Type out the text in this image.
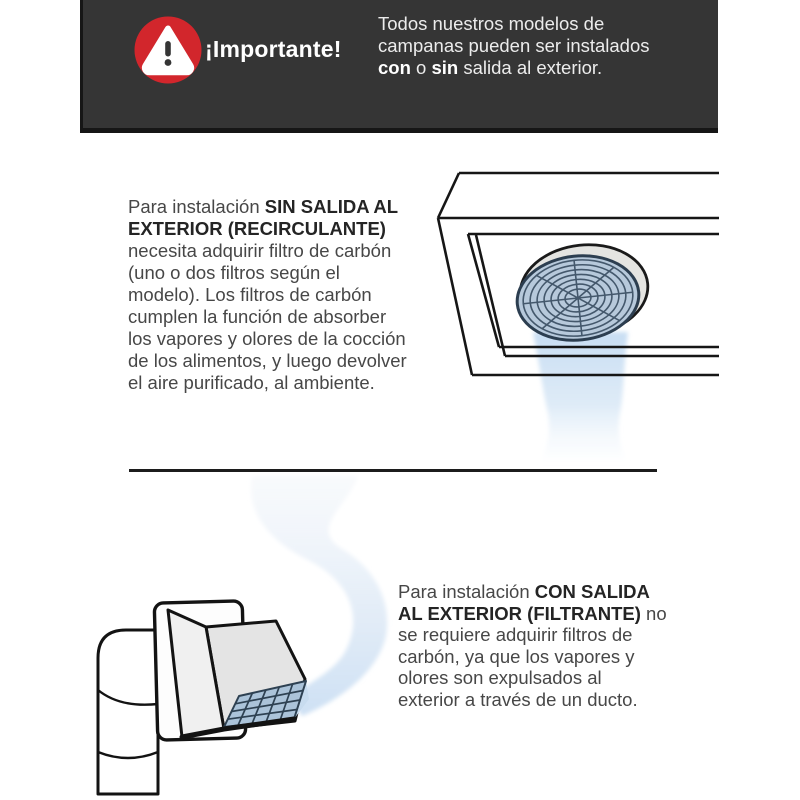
¡Importante!
Todos nuestros modelos de
campanas pueden ser instalados
con o sin salida al exterior.
Para instalación SIN SALIDA AL
EXTERIOR (RECIRCULANTE)
necesita adquirir filtro de carbón
(uno o dos filtros según el
modelo). Los filtros de carbón
cumplen la función de absorber
los vapores y olores de la cocción
de los alimentos, y luego devolver
el aire purificado, al ambiente.
Para instalación CON SALIDA
AL EXTERIOR (FILTRANTE) no
se requiere adquirir filtros de
carbón, ya que los vapores y
olores son expulsados al
exterior a través de un ducto.
